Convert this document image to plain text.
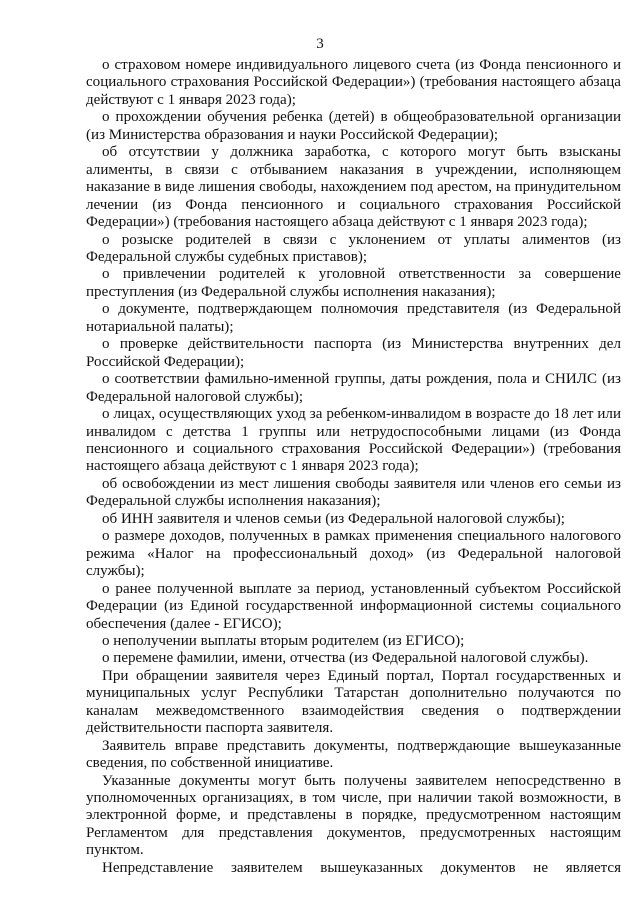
3

о страховом номере индивидуального лицевого счета (из Фонда пенсионного и социального страхования Российской Федерации») (требования настоящего абзаца действуют с 1 января 2023 года);

о прохождении обучения ребенка (детей) в общеобразовательной организации (из Министерства образования и науки Российской Федерации);

об отсутствии у должника заработка, с которого могут быть взысканы алименты, в связи с отбыванием наказания в учреждении, исполняющем наказание в виде лишения свободы, нахождением под арестом, на принудительном лечении (из Фонда пенсионного и социального страхования Российской Федерации») (требования настоящего абзаца действуют с 1 января 2023 года);

о розыске родителей в связи с уклонением от уплаты алиментов (из Федеральной службы судебных приставов);

о привлечении родителей к уголовной ответственности за совершение преступления (из Федеральной службы исполнения наказания);

о документе, подтверждающем полномочия представителя (из Федеральной нотариальной палаты);

о проверке действительности паспорта (из Министерства внутренних дел Российской Федерации);

о соответствии фамильно-именной группы, даты рождения, пола и СНИЛС (из Федеральной налоговой службы);

о лицах, осуществляющих уход за ребенком-инвалидом в возрасте до 18 лет или инвалидом с детства 1 группы или нетрудоспособными лицами (из Фонда пенсионного и социального страхования Российской Федерации») (требования настоящего абзаца действуют с 1 января 2023 года);

об освобождении из мест лишения свободы заявителя или членов его семьи из Федеральной службы исполнения наказания);

об ИНН заявителя и членов семьи (из Федеральной налоговой службы);

о размере доходов, полученных в рамках применения специального налогового режима «Налог на профессиональный доход» (из Федеральной налоговой службы);

о ранее полученной выплате за период, установленный субъектом Российской Федерации (из Единой государственной информационной системы социального обеспечения (далее - ЕГИСО);

о неполучении выплаты вторым родителем (из ЕГИСО);

о перемене фамилии, имени, отчества (из Федеральной налоговой службы).

При обращении заявителя через Единый портал, Портал государственных и муниципальных услуг Республики Татарстан дополнительно получаются по каналам межведомственного взаимодействия сведения о подтверждении действительности паспорта заявителя.

Заявитель вправе представить документы, подтверждающие вышеуказанные сведения, по собственной инициативе.

Указанные документы могут быть получены заявителем непосредственно в уполномоченных организациях, в том числе, при наличии такой возможности, в электронной форме, и представлены в порядке, предусмотренном настоящим Регламентом для представления документов, предусмотренных настоящим пунктом.

Непредставление заявителем вышеуказанных документов не является
